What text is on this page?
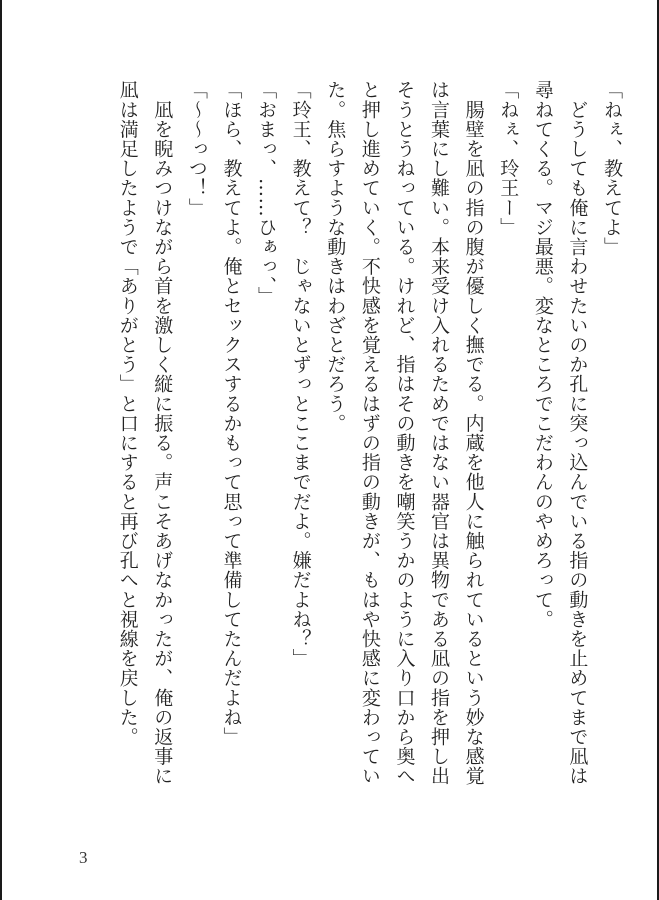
「ねぇ、教えてよ」
　どうしても俺に言わせたいのか孔に突っ込んでいる指の動きを止めてまで凪は
尋ねてくる。マジ最悪。変なところでこだわんのやめろって。
「ねぇ、玲王ー」
　腸壁を凪の指の腹が優しく撫でる。内蔵を他人に触られているという妙な感覚
は言葉にし難い。本来受け入れるためではない器官は異物である凪の指を押し出
そうとうねっている。けれど、指はその動きを嘲笑うかのように入り口から奥へ
と押し進めていく。不快感を覚えるはずの指の動きが、もはや快感に変わってい
た。焦らすような動きはわざとだろう。
「玲王、教えて？　じゃないとずっとここまでだよ。嫌だよね？」
「おまっ、……ひぁっ、」
「ほら、教えてよ。俺とセックスするかもって思って準備してたんだよね」
「〜〜っつ！」
　凪を睨みつけながら首を激しく縦に振る。声こそあげなかったが、俺の返事に
凪は満足したようで「ありがとう」と口にすると再び孔へと視線を戻した。
3
